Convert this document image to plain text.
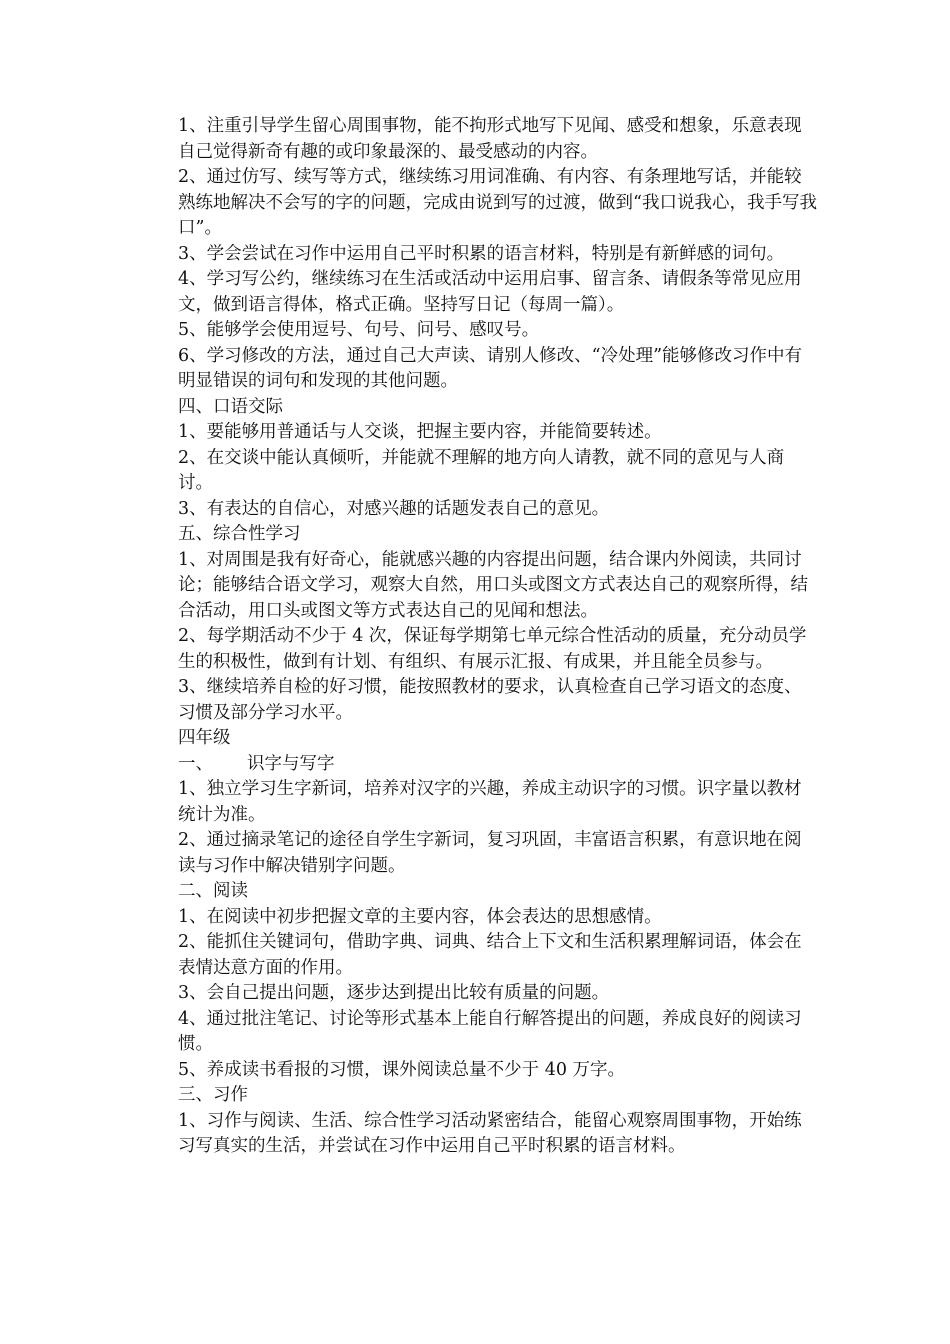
1、注重引导学生留心周围事物，能不拘形式地写下见闻、感受和想象，乐意表现自己觉得新奇有趣的或印象最深的、最受感动的内容。

2、通过仿写、续写等方式，继续练习用词准确、有内容、有条理地写话，并能较熟练地解决不会写的字的问题，完成由说到写的过渡，做到“我口说我心，我手写我口”。

3、学会尝试在习作中运用自己平时积累的语言材料，特别是有新鲜感的词句。

4、学习写公约，继续练习在生活或活动中运用启事、留言条、请假条等常见应用文，做到语言得体，格式正确。坚持写日记（每周一篇）。

5、能够学会使用逗号、句号、问号、感叹号。

6、学习修改的方法，通过自己大声读、请别人修改、“冷处理”能够修改习作中有明显错误的词句和发现的其他问题。

四、口语交际

1、要能够用普通话与人交谈，把握主要内容，并能简要转述。

2、在交谈中能认真倾听，并能就不理解的地方向人请教，就不同的意见与人商讨。

3、有表达的自信心，对感兴趣的话题发表自己的意见。

五、综合性学习

1、对周围是我有好奇心，能就感兴趣的内容提出问题，结合课内外阅读，共同讨论；能够结合语文学习，观察大自然，用口头或图文方式表达自己的观察所得，结合活动，用口头或图文等方式表达自己的见闻和想法。

2、每学期活动不少于 4 次，保证每学期第七单元综合性活动的质量，充分动员学生的积极性，做到有计划、有组织、有展示汇报、有成果，并且能全员参与。

3、继续培养自检的好习惯，能按照教材的要求，认真检查自己学习语文的态度、习惯及部分学习水平。

四年级

一、 识字与写字

1、独立学习生字新词，培养对汉字的兴趣，养成主动识字的习惯。识字量以教材统计为准。

2、通过摘录笔记的途径自学生字新词，复习巩固，丰富语言积累，有意识地在阅读与习作中解决错别字问题。

二、阅读

1、在阅读中初步把握文章的主要内容，体会表达的思想感情。

2、能抓住关键词句，借助字典、词典、结合上下文和生活积累理解词语，体会在表情达意方面的作用。

3、会自己提出问题，逐步达到提出比较有质量的问题。

4、通过批注笔记、讨论等形式基本上能自行解答提出的问题，养成良好的阅读习惯。

5、养成读书看报的习惯，课外阅读总量不少于 40 万字。

三、习作

1、习作与阅读、生活、综合性学习活动紧密结合，能留心观察周围事物，开始练习写真实的生活，并尝试在习作中运用自己平时积累的语言材料。
